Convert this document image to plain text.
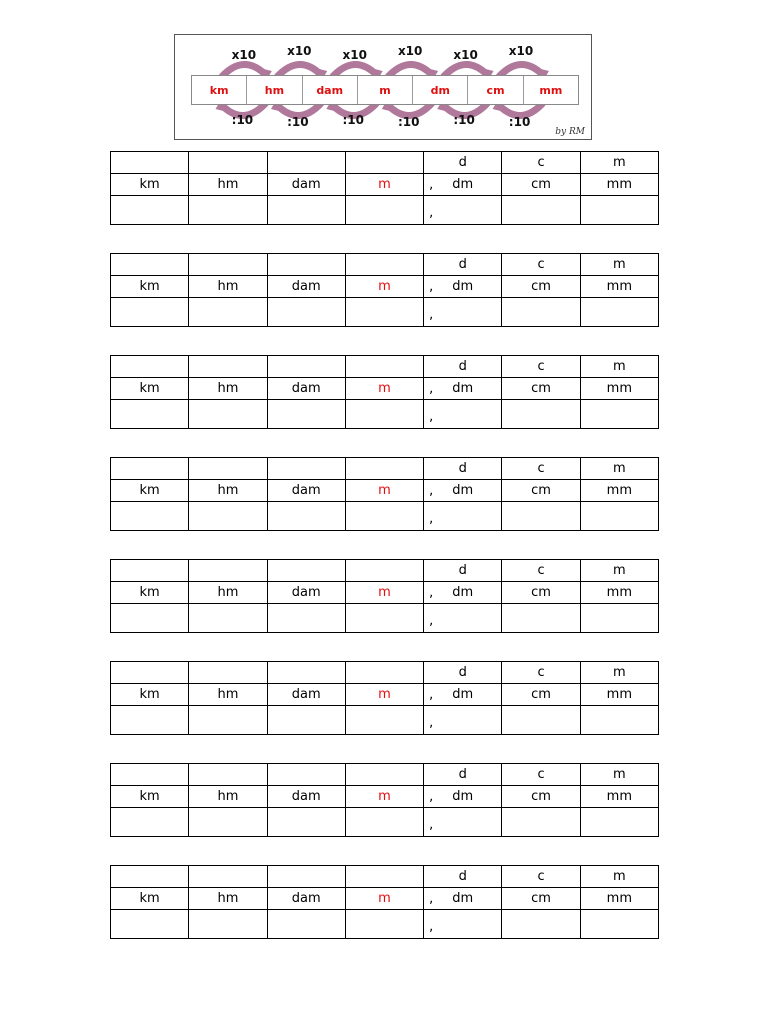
km	hm	dam	m	dm	cm	mm
x10
:10
x10
:10
x10
:10
x10
:10
x10
:10
x10
:10
by RM
				d	c	m
km	hm	dam	m	, dm	cm	mm

				,		

				d	c	m
km	hm	dam	m	, dm	cm	mm

				,		

				d	c	m
km	hm	dam	m	, dm	cm	mm

				,		

				d	c	m
km	hm	dam	m	, dm	cm	mm

				,		

				d	c	m
km	hm	dam	m	, dm	cm	mm

				,		

				d	c	m
km	hm	dam	m	, dm	cm	mm

				,		

				d	c	m
km	hm	dam	m	, dm	cm	mm

				,		

				d	c	m
km	hm	dam	m	, dm	cm	mm

				,		
